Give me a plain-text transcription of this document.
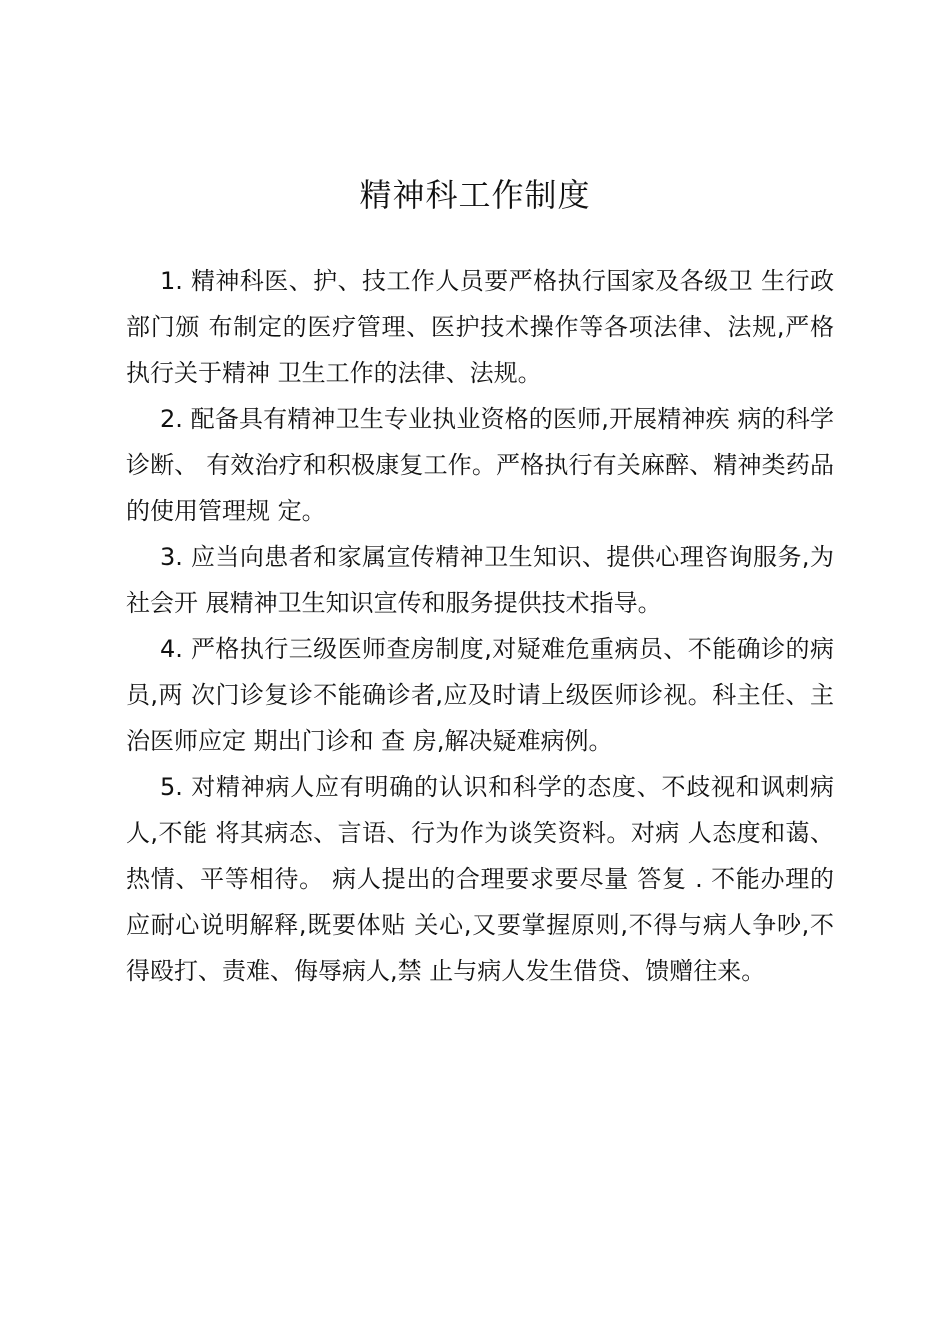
精神科工作制度

1. 精神科医、护、技工作人员要严格执行国家及各级卫 生行政部门颁 布制定的医疗管理、医护技术操作等各项法律、法规,严格执行关于精神 卫生工作的法律、法规。

2. 配备具有精神卫生专业执业资格的医师,开展精神疾 病的科学诊断、 有效治疗和积极康复工作。严格执行有关麻醉、精神类药品的使用管理规 定。

3. 应当向患者和家属宣传精神卫生知识、提供心理咨询服务,为社会开 展精神卫生知识宣传和服务提供技术指导。

4. 严格执行三级医师查房制度,对疑难危重病员、不能确诊的病员,两 次门诊复诊不能确诊者,应及时请上级医师诊视。科主任、主治医师应定 期出门诊和 查 房,解决疑难病例。

5. 对精神病人应有明确的认识和科学的态度、不歧视和讽刺病人,不能 将其病态、言语、行为作为谈笑资料。对病 人态度和蔼、热情、平等相待。 病人提出的合理要求要尽量 答复 . 不能办理的应耐心说明解释,既要体贴 关心,又要掌握原则,不得与病人争吵,不得殴打、责难、侮辱病人,禁 止与病人发生借贷、馈赠往来。
